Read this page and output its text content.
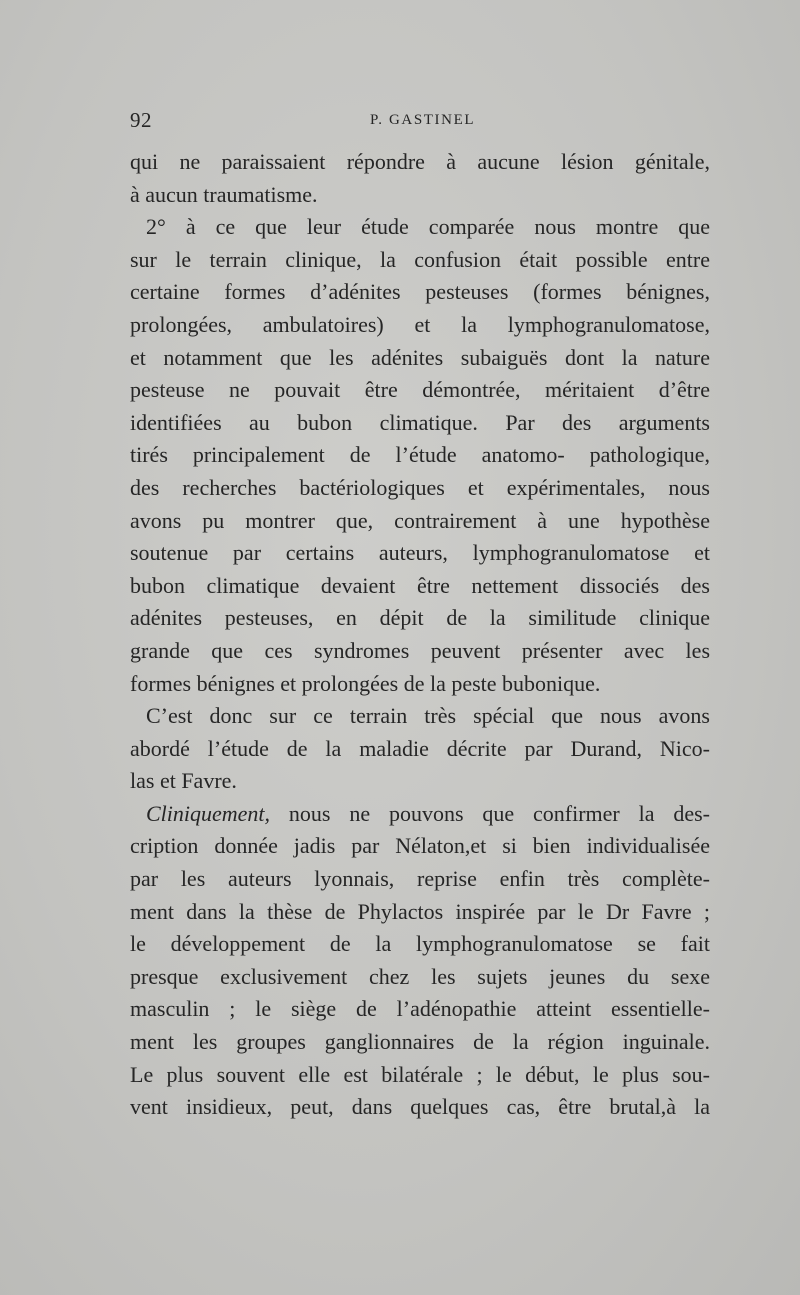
92	P. GASTINEL
qui ne paraissaient répondre à aucune lésion génitale,
à aucun traumatisme.
2° à ce que leur étude comparée nous montre que
sur le terrain clinique, la confusion était possible entre
certaine formes d’adénites pesteuses (formes bénignes,
prolongées, ambulatoires) et la lymphogranulomatose,
et notamment que les adénites subaiguës dont la nature
pesteuse ne pouvait être démontrée, méritaient d’être
identifiées au bubon climatique. Par des arguments
tirés principalement de l’étude anatomo- pathologique,
des recherches bactériologiques et expérimentales, nous
avons pu montrer que, contrairement à une hypothèse
soutenue par certains auteurs, lymphogranulomatose et
bubon climatique devaient être nettement dissociés des
adénites pesteuses, en dépit de la similitude clinique
grande que ces syndromes peuvent présenter avec les
formes bénignes et prolongées de la peste bubonique.
C’est donc sur ce terrain très spécial que nous avons
abordé l’étude de la maladie décrite par Durand, Nico-
las et Favre.
Cliniquement, nous ne pouvons que confirmer la des-
cription donnée jadis par Nélaton,et si bien individualisée
par les auteurs lyonnais, reprise enfin très complète-
ment dans la thèse de Phylactos inspirée par le Dr Favre ;
le développement de la lymphogranulomatose se fait
presque exclusivement chez les sujets jeunes du sexe
masculin ; le siège de l’adénopathie atteint essentielle-
ment les groupes ganglionnaires de la région inguinale.
Le plus souvent elle est bilatérale ; le début, le plus sou-
vent insidieux, peut, dans quelques cas, être brutal,à la
